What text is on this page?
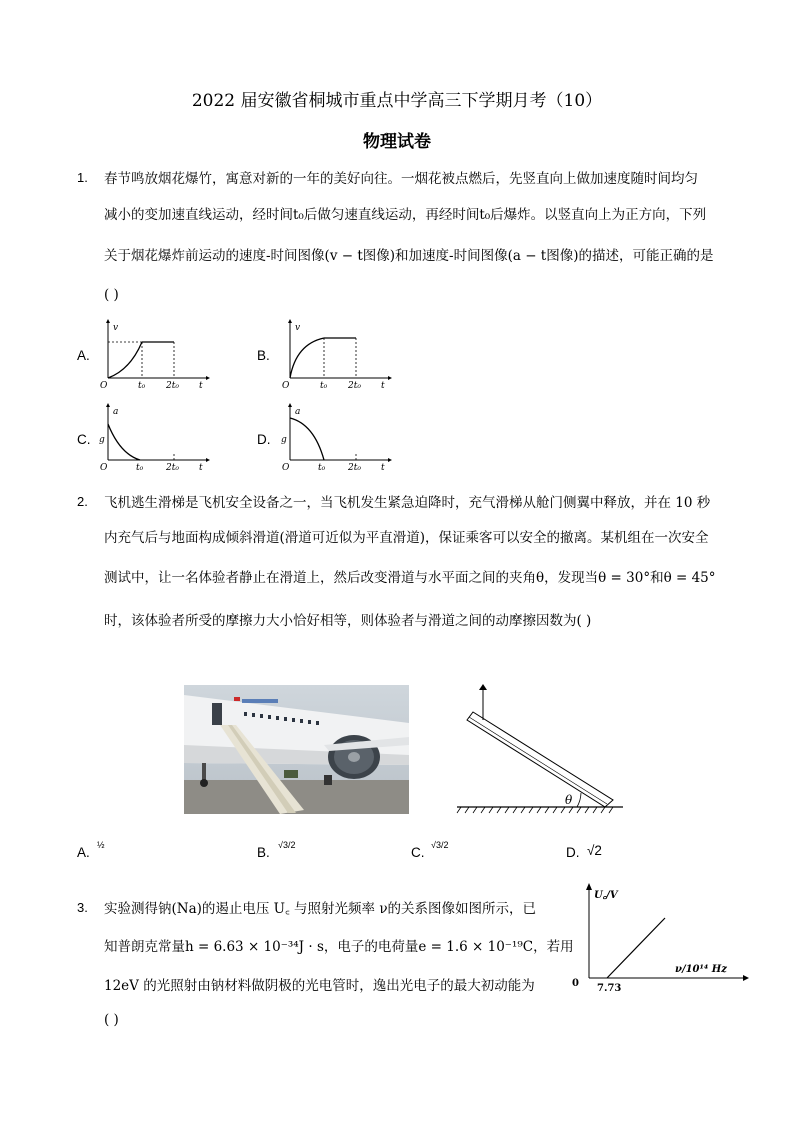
2022 届安徽省桐城市重点中学高三下学期月考（10）
物理试卷
1. 春节鸣放烟花爆竹，寓意对新的一年的美好向往。一烟花被点燃后，先竖直向上做加速度随时间均匀
减小的变加速直线运动，经时间t₀后做匀速直线运动，再经时间t₀后爆炸。以竖直向上为正方向，下列
关于烟花爆炸前运动的速度-时间图像(v − t图像)和加速度-时间图像(a − t图像)的描述，可能正确的是
( )
A.	B.
C.	D.
v
O	t₀ 2t₀ t
v
O	t₀ 2t₀ t
a
g
O	t₀	2t₀ t
a
g
O	t₀	2t₀ t
2. 飞机逃生滑梯是飞机安全设备之一，当飞机发生紧急迫降时，充气滑梯从舱门侧翼中释放，并在 10 秒
内充气后与地面构成倾斜滑道(滑道可近似为平直滑道)，保证乘客可以安全的撤离。某机组在一次安全
测试中，让一名体验者静止在滑道上，然后改变滑道与水平面之间的夹角θ，发现当θ = 30°和θ = 45°
时，该体验者所受的摩擦力大小恰好相等，则体验者与滑道之间的动摩擦因数为( )
θ
A. ½	B. √3/2	C. √3/2	D. √2
3. 实验测得钠(Na)的遏止电压 U꜀ 与照射光频率 ν的关系图像如图所示，已
知普朗克常量h = 6.63 × 10⁻³⁴J · s，电子的电荷量e = 1.6 × 10⁻¹⁹C，若用
12eV 的光照射由钠材料做阴极的光电管时，逸出光电子的最大初动能为
( )
U꜀/V
ν/10¹⁴ Hz
0 7.73
